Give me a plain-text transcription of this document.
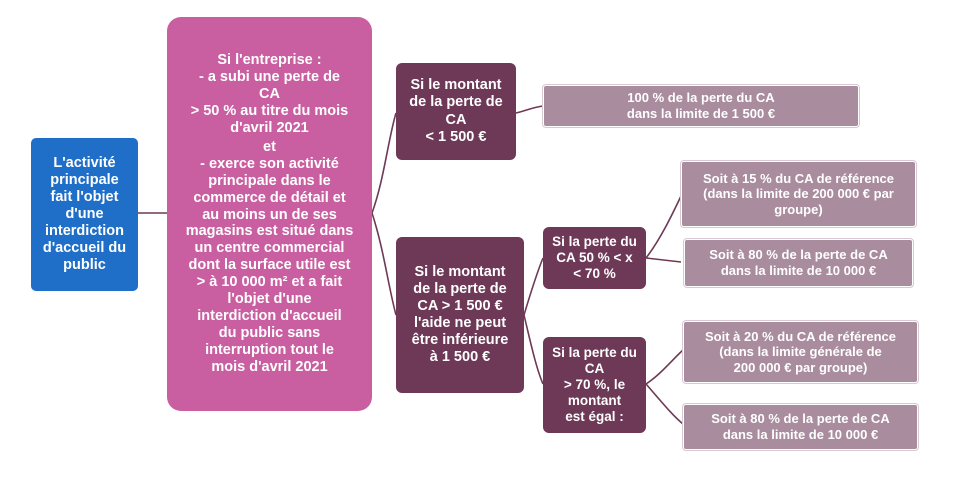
L'activité
principale
fait l'objet
d'une
interdiction
d'accueil du
public
Si l'entreprise :
- a subi une perte de
CA
> 50 % au titre du mois
d'avril 2021
et
- exerce son activité
principale dans le
commerce de détail et
au moins un de ses
magasins est situé dans
un centre commercial
dont la surface utile est
> à 10 000 m² et a fait
l'objet d'une
interdiction d'accueil
du public sans
interruption tout le
mois d'avril 2021
Si le montant
de la perte de
CA
< 1 500 €
100 % de la perte du CA
dans la limite de 1 500 €
Si le montant
de la perte de
CA > 1 500 €
l'aide ne peut
être inférieure
à 1 500 €
Si la perte du
CA 50 % < x
< 70 %
Soit à 15 % du CA de référence
(dans la limite de 200 000 € par
groupe)
Soit à 80 % de la perte de CA
dans la limite de 10 000 €
Si la perte du
CA
> 70 %, le
montant
est égal :
Soit à 20 % du CA de référence
(dans la limite générale de
200 000 € par groupe)
Soit à 80 % de la perte de CA
dans la limite de 10 000 €
